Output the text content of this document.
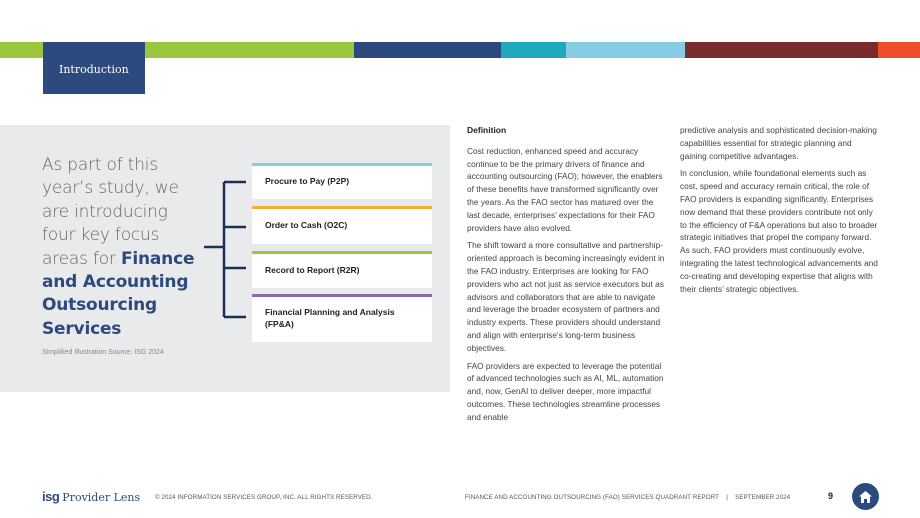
Introduction
As part of this year’s study, we are introducing four key focus areas for Finance and Accounting Outsourcing Services
Simplified Illustration Source: ISG 2024
Procure to Pay (P2P)
Order to Cash (O2C)
Record to Report (R2R)
Financial Planning and Analysis (FP&A)
Definition

Cost reduction, enhanced speed and accuracy continue to be the primary drivers of finance and accounting outsourcing (FAO); however, the enablers of these benefits have transformed significantly over the years. As the FAO sector has matured over the last decade, enterprises’ expectations for their FAO providers have also evolved.

The shift toward a more consultative and partnership-oriented approach is becoming increasingly evident in the FAO industry. Enterprises are looking for FAO providers who act not just as service executors but as advisors and collaborators that are able to navigate and leverage the broader ecosystem of partners and industry experts. These providers should understand and align with enterprise’s long-term business objectives.

FAO providers are expected to leverage the potential of advanced technologies such as AI, ML, automation and, now, GenAI to deliver deeper, more impactful outcomes. These technologies streamline processes and enable

predictive analysis and sophisticated decision-making capabilities essential for strategic planning and gaining competitive advantages.

In conclusion, while foundational elements such as cost, speed and accuracy remain critical, the role of FAO providers is expanding significantly. Enterprises now demand that these providers contribute not only to the efficiency of F&A operations but also to broader strategic initiatives that propel the company forward. As such, FAO providers must continuously evolve, integrating the latest technological advancements and co-creating and developing expertise that aligns with their clients’ strategic objectives.

isg Provider Lens © 2024 INFORMATION SERVICES GROUP, INC. ALL RIGHTS RESERVED.	FINANCE AND ACCOUNTING OUTSOURCING (FAO) SERVICES QUADRANT REPORT    |    SEPTEMBER 2024	9
